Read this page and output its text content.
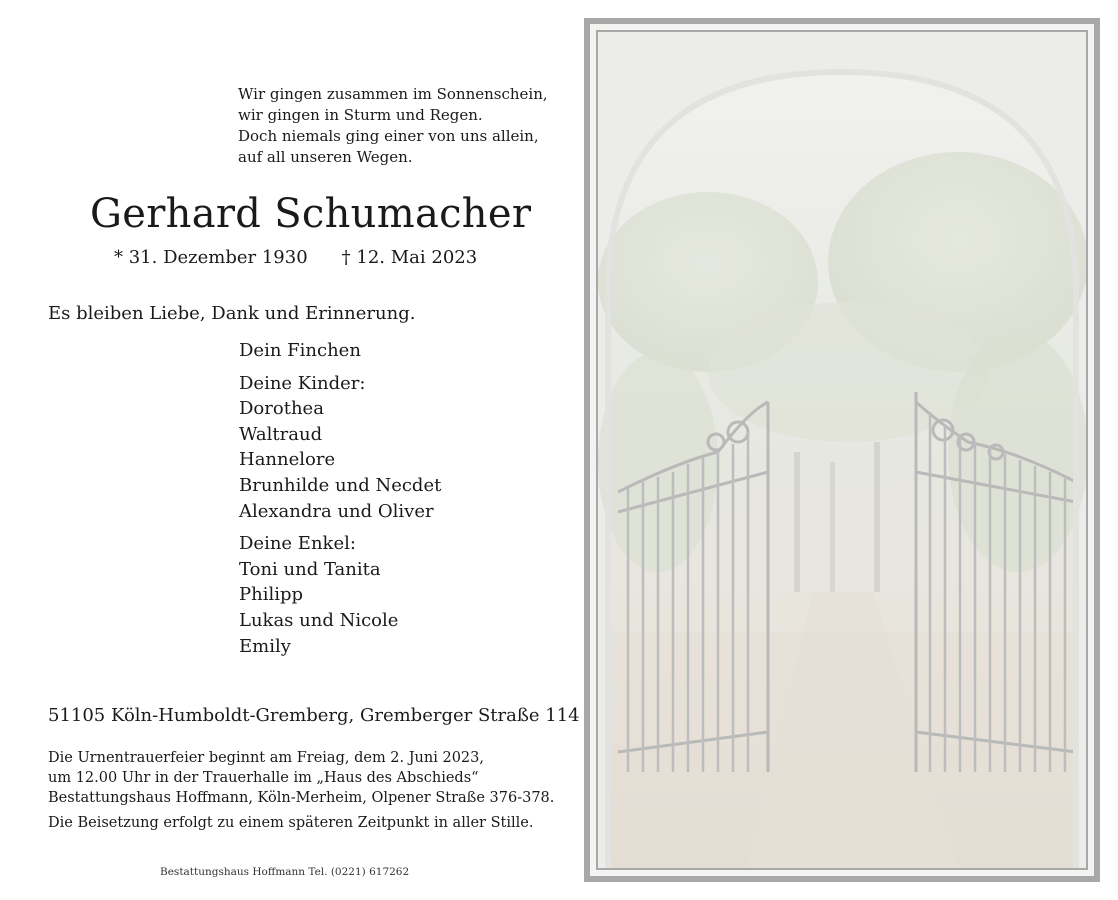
Wir gingen zusammen im Sonnenschein,
wir gingen in Sturm und Regen.
Doch niemals ging einer von uns allein,
auf all unseren Wegen.
Gerhard Schumacher
* 31. Dezember 1930 † 12. Mai 2023
Es bleiben Liebe, Dank und Erinnerung.
Dein Finchen
Deine Kinder:
Dorothea
Waltraud
Hannelore
Brunhilde und Necdet
Alexandra und Oliver
Deine Enkel:
Toni und Tanita
Philipp
Lukas und Nicole
Emily
51105 Köln-Humboldt-Gremberg, Gremberger Straße 114
Die Urnentrauerfeier beginnt am Freiag, dem 2. Juni 2023,
um 12.00 Uhr in der Trauerhalle im „Haus des Abschieds“
Bestattungshaus Hoffmann, Köln-Merheim, Olpener Straße 376-378.
Die Beisetzung erfolgt zu einem späteren Zeitpunkt in aller Stille.
Bestattungshaus Hoffmann Tel. (0221) 617262
